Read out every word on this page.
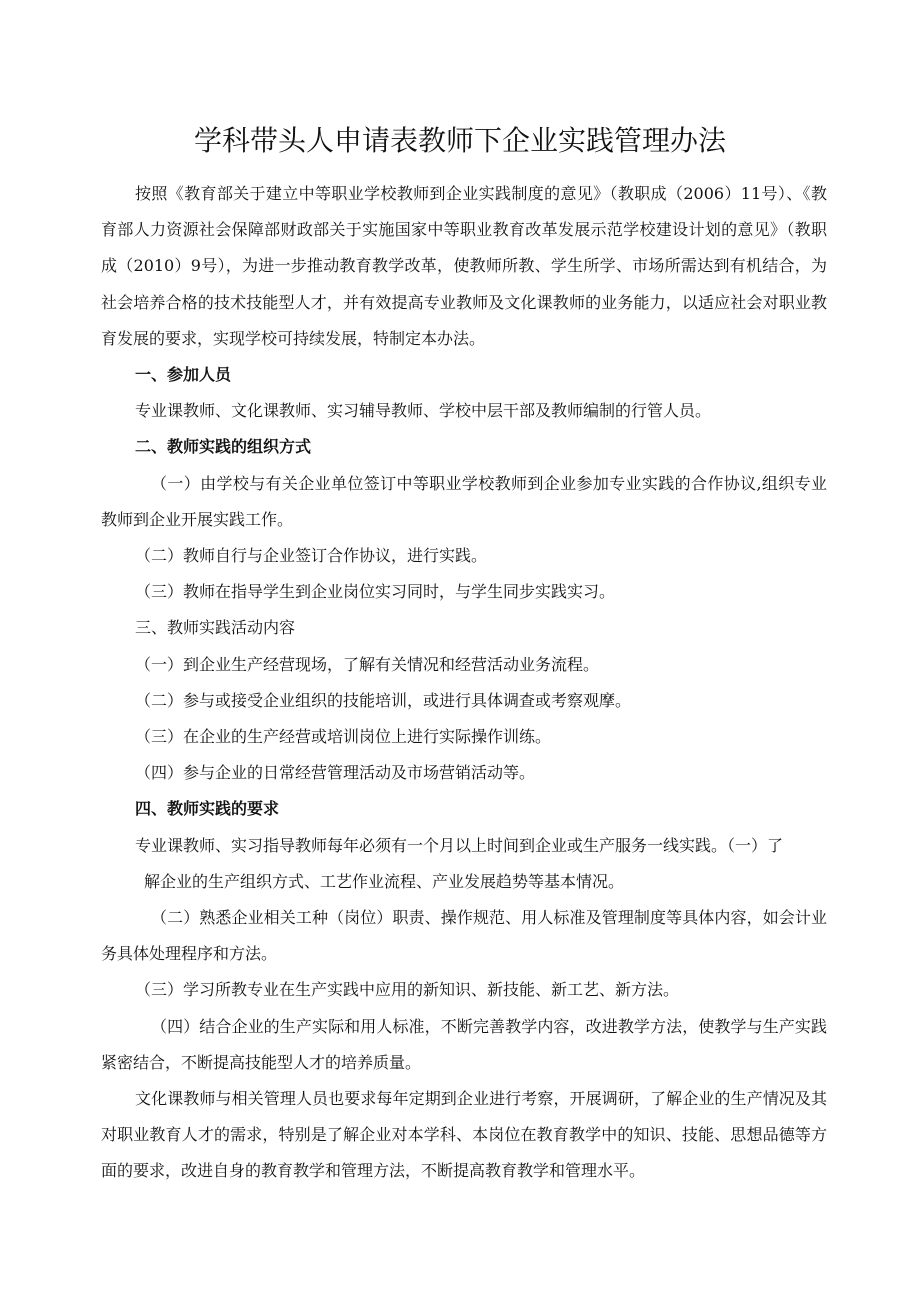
学科带头人申请表教师下企业实践管理办法

按照《教育部关于建立中等职业学校教师到企业实践制度的意见》（教职成（2006）11号）、《教育部人力资源社会保障部财政部关于实施国家中等职业教育改革发展示范学校建设计划的意见》（教职成（2010）9号），为进一步推动教育教学改革，使教师所教、学生所学、市场所需达到有机结合，为社会培养合格的技术技能型人才，并有效提高专业教师及文化课教师的业务能力，以适应社会对职业教育发展的要求，实现学校可持续发展，特制定本办法。

一、参加人员

专业课教师、文化课教师、实习辅导教师、学校中层干部及教师编制的行管人员。

二、教师实践的组织方式

（一）由学校与有关企业单位签订中等职业学校教师到企业参加专业实践的合作协议,组织专业教师到企业开展实践工作。

（二）教师自行与企业签订合作协议，进行实践。

（三）教师在指导学生到企业岗位实习同时，与学生同步实践实习。

三、教师实践活动内容

（一）到企业生产经营现场，了解有关情况和经营活动业务流程。

（二）参与或接受企业组织的技能培训，或进行具体调查或考察观摩。

（三）在企业的生产经营或培训岗位上进行实际操作训练。

（四）参与企业的日常经营管理活动及市场营销活动等。

四、教师实践的要求

专业课教师、实习指导教师每年必须有一个月以上时间到企业或生产服务一线实践。（一）了

解企业的生产组织方式、工艺作业流程、产业发展趋势等基本情况。

（二）熟悉企业相关工种（岗位）职责、操作规范、用人标准及管理制度等具体内容，如会计业务具体处理程序和方法。

（三）学习所教专业在生产实践中应用的新知识、新技能、新工艺、新方法。

（四）结合企业的生产实际和用人标准，不断完善教学内容，改进教学方法，使教学与生产实践紧密结合，不断提高技能型人才的培养质量。

文化课教师与相关管理人员也要求每年定期到企业进行考察，开展调研，了解企业的生产情况及其对职业教育人才的需求，特别是了解企业对本学科、本岗位在教育教学中的知识、技能、思想品德等方面的要求，改进自身的教育教学和管理方法，不断提高教育教学和管理水平。
